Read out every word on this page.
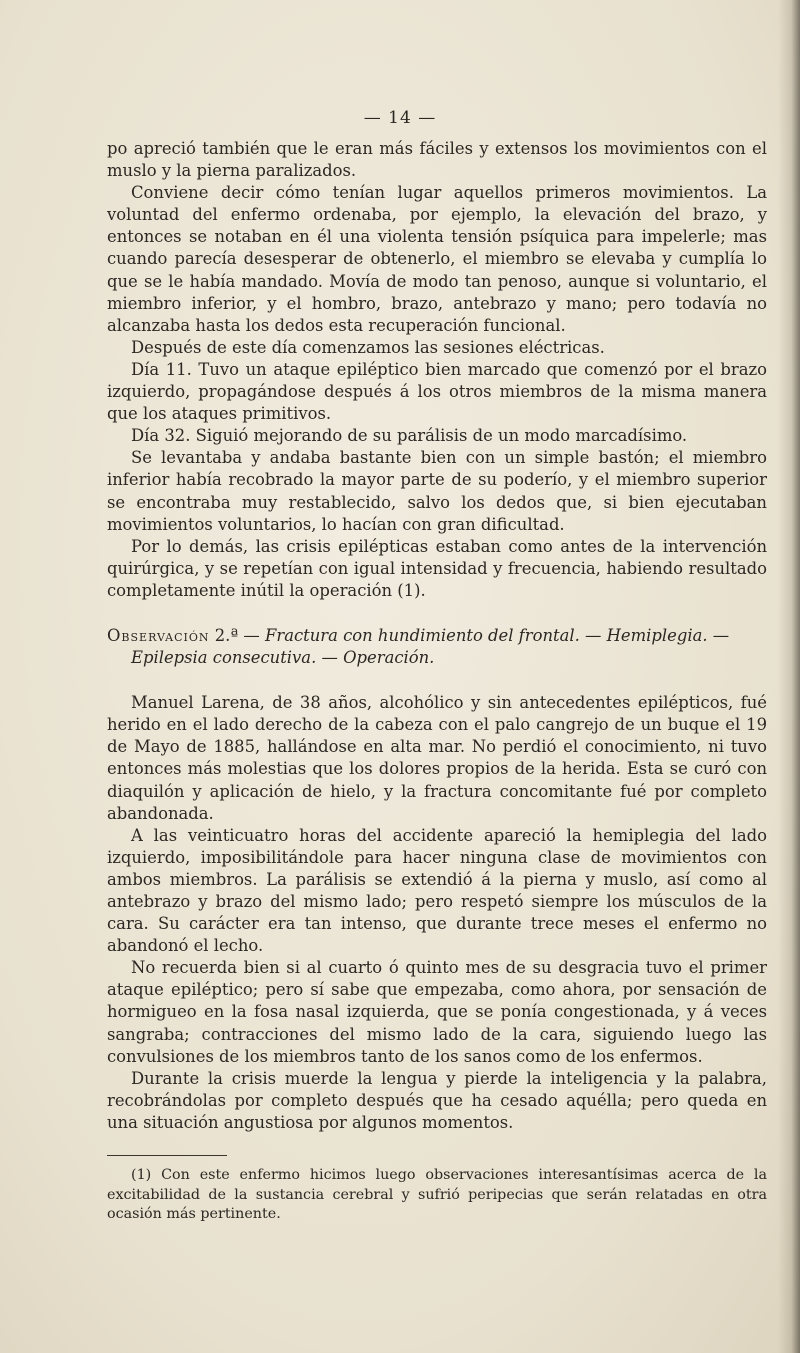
— 14 —

po apreció también que le eran más fáciles y extensos los movimientos con el muslo y la pierna paralizados.

Conviene decir cómo tenían lugar aquellos primeros movimientos. La voluntad del enfermo ordenaba, por ejemplo, la elevación del brazo, y entonces se notaban en él una violenta tensión psíquica para impelerle; mas cuando parecía desesperar de obtenerlo, el miembro se elevaba y cumplía lo que se le había mandado. Movía de modo tan penoso, aunque si voluntario, el miembro inferior, y el hombro, brazo, antebrazo y mano; pero todavía no alcanzaba hasta los dedos esta recuperación funcional.

Después de este día comenzamos las sesiones eléctricas.

Día 11. Tuvo un ataque epiléptico bien marcado que comenzó por el brazo izquierdo, propagándose después á los otros miembros de la misma manera que los ataques primitivos.

Día 32. Siguió mejorando de su parálisis de un modo marcadísimo.

Se levantaba y andaba bastante bien con un simple bastón; el miembro inferior había recobrado la mayor parte de su poderío, y el miembro superior se encontraba muy restablecido, salvo los dedos que, si bien ejecutaban movimientos voluntarios, lo hacían con gran dificultad.

Por lo demás, las crisis epilépticas estaban como antes de la intervención quirúrgica, y se repetían con igual intensidad y frecuencia, habiendo resultado completamente inútil la operación (1).

Observación 2.ª — Fractura con hundimiento del frontal. — Hemiplegia. —
Epilepsia consecutiva. — Operación.

Manuel Larena, de 38 años, alcohólico y sin antecedentes epilépticos, fué herido en el lado derecho de la cabeza con el palo cangrejo de un buque el 19 de Mayo de 1885, hallándose en alta mar. No perdió el conocimiento, ni tuvo entonces más molestias que los dolores propios de la herida. Esta se curó con diaquilón y aplicación de hielo, y la fractura concomitante fué por completo abandonada.

A las veinticuatro horas del accidente apareció la hemiplegia del lado izquierdo, imposibilitándole para hacer ninguna clase de movimientos con ambos miembros. La parálisis se extendió á la pierna y muslo, así como al antebrazo y brazo del mismo lado; pero respetó siempre los músculos de la cara. Su carácter era tan intenso, que durante trece meses el enfermo no abandonó el lecho.

No recuerda bien si al cuarto ó quinto mes de su desgracia tuvo el primer ataque epiléptico; pero sí sabe que empezaba, como ahora, por sensación de hormigueo en la fosa nasal izquierda, que se ponía congestionada, y á veces sangraba; contracciones del mismo lado de la cara, siguiendo luego las convulsiones de los miembros tanto de los sanos como de los enfermos.

Durante la crisis muerde la lengua y pierde la inteligencia y la palabra, recobrándolas por completo después que ha cesado aquélla; pero queda en una situación angustiosa por algunos momentos.

(1) Con este enfermo hicimos luego observaciones interesantísimas acerca de la excitabilidad de la sustancia cerebral y sufrió peripecias que serán relatadas en otra ocasión más pertinente.
